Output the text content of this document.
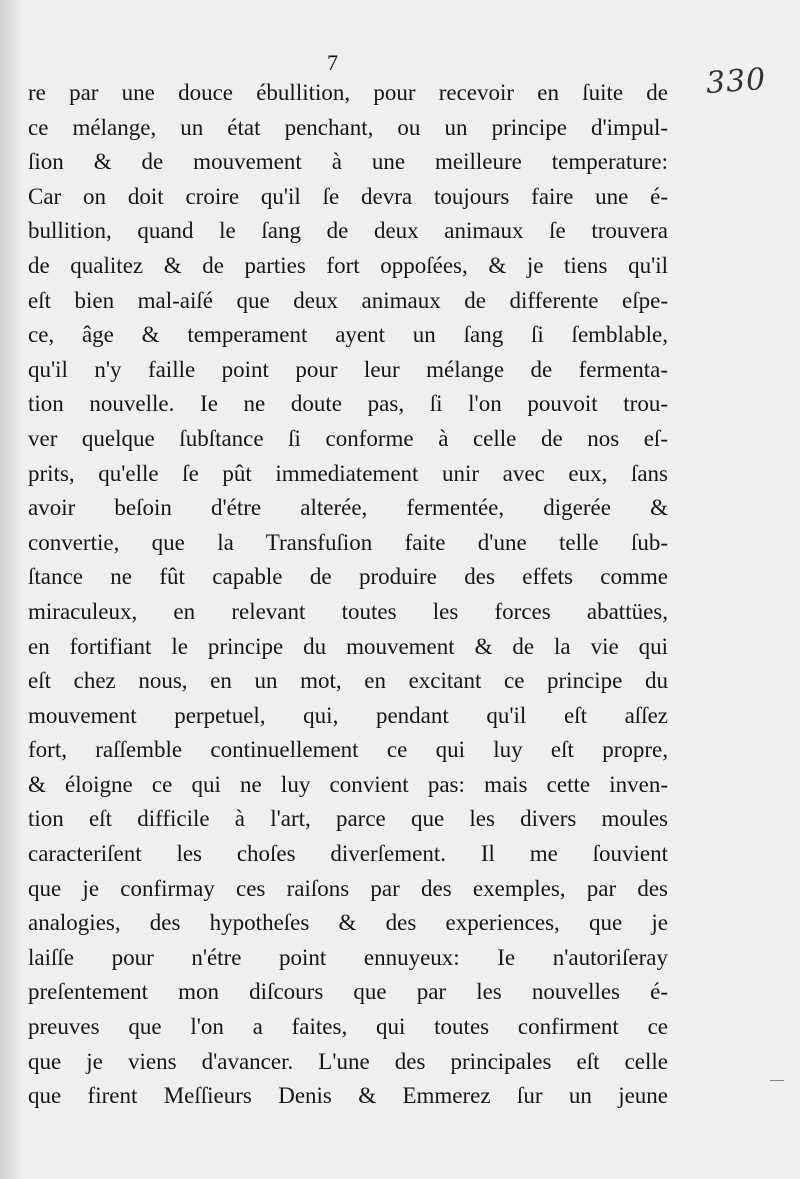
7	330
re par une douce ébullition, pour recevoir en ſuite de
ce mélange, un état penchant, ou un principe d'impul-
ſion & de mouvement à une meilleure temperature:
Car on doit croire qu'il ſe devra toujours faire une é-
bullition, quand le ſang de deux animaux ſe trouvera
de qualitez & de parties fort oppoſées, & je tiens qu'il
eſt bien mal-aiſé que deux animaux de differente eſpe-
ce, âge & temperament ayent un ſang ſi ſemblable,
qu'il n'y faille point pour leur mélange de fermenta-
tion nouvelle. Ie ne doute pas, ſi l'on pouvoit trou-
ver quelque ſubſtance ſi conforme à celle de nos eſ-
prits, qu'elle ſe pût immediatement unir avec eux, ſans
avoir beſoin d'étre alterée, fermentée, digerée &
convertie, que la Transfuſion faite d'une telle ſub-
ſtance ne fût capable de produire des effets comme
miraculeux, en relevant toutes les forces abattües,
en fortifiant le principe du mouvement & de la vie qui
eſt chez nous, en un mot, en excitant ce principe du
mouvement perpetuel, qui, pendant qu'il eſt aſſez
fort, raſſemble continuellement ce qui luy eſt propre,
& éloigne ce qui ne luy convient pas: mais cette inven-
tion eſt difficile à l'art, parce que les divers moules
caracteriſent les choſes diverſement. Il me ſouvient
que je confirmay ces raiſons par des exemples, par des
analogies, des hypotheſes & des experiences, que je
laiſſe pour n'étre point ennuyeux: Ie n'autoriſeray
preſentement mon diſcours que par les nouvelles é-
preuves que l'on a faites, qui toutes confirment ce
que je viens d'avancer. L'une des principales eſt celle
que firent Meſſieurs Denis & Emmerez ſur un jeune
